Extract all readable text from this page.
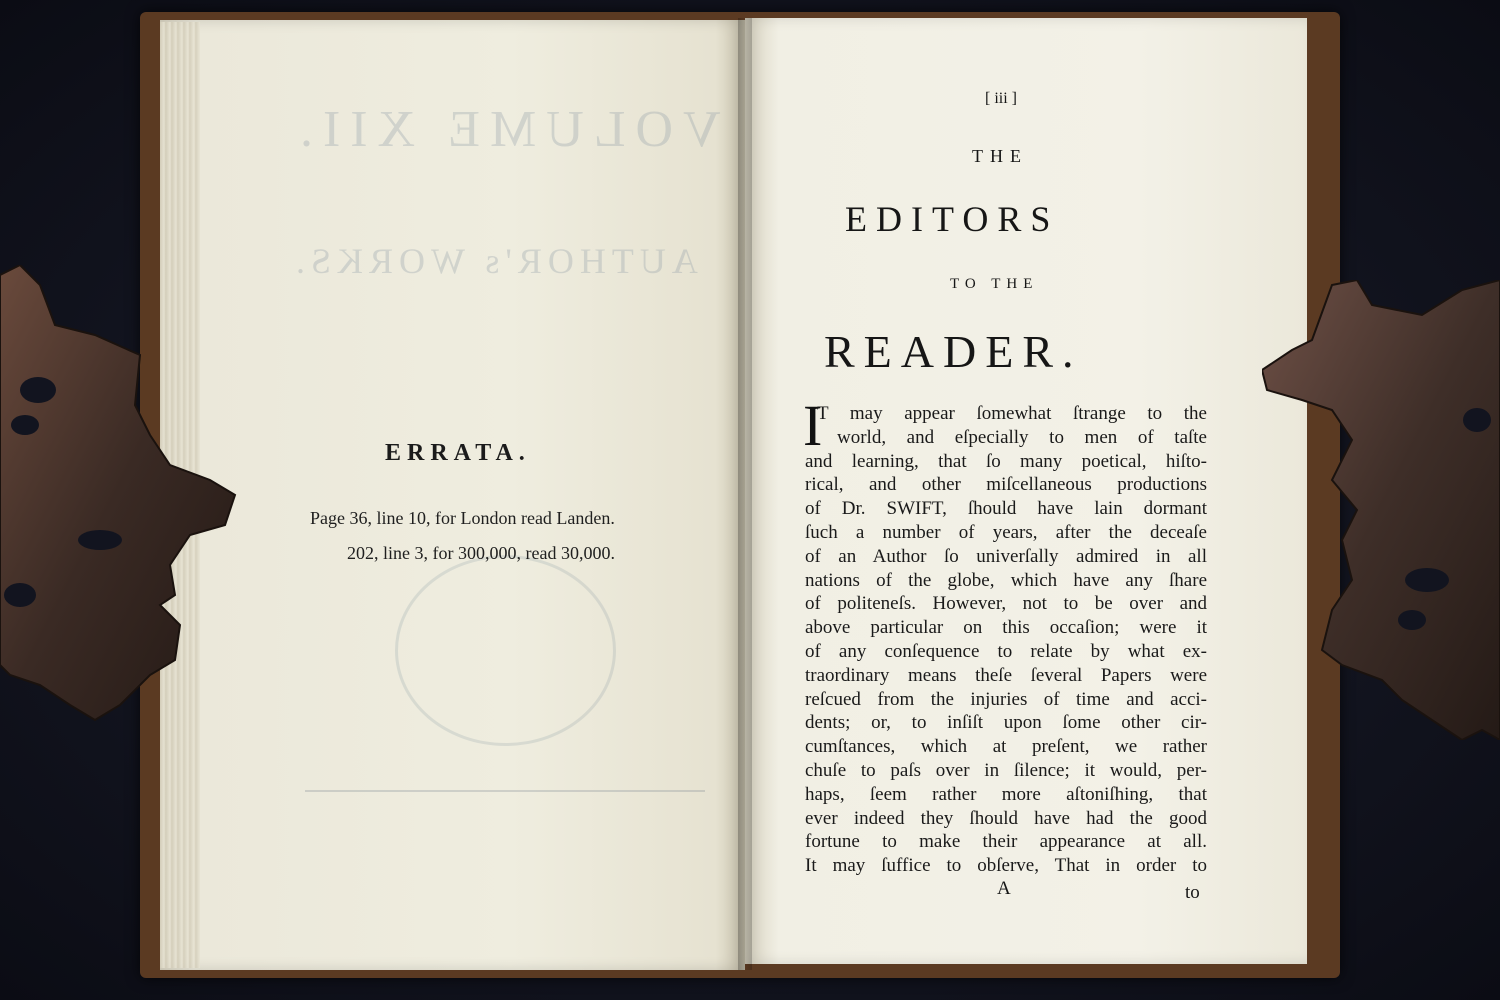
VOLUME XII.
AUTHOR's WORKS.

ERRATA.
Page 36, line 10, for London read Landen.
202, line 3, for 300,000, read 30,000.
[ iii ]
THE
EDITORS
TO THE
READER.
I
T may appear ſomewhat ſtrange to the
world, and eſpecially to men of taſte
and learning, that ſo many poetical, hiſto-
rical, and other miſcellaneous productions
of Dr. SWIFT, ſhould have lain dormant
ſuch a number of years, after the deceaſe
of an Author ſo univerſally admired in all
nations of the globe, which have any ſhare
of politeneſs. However, not to be over and
above particular on this occaſion; were it
of any conſequence to relate by what ex-
traordinary means theſe ſeveral Papers were
reſcued from the injuries of time and acci-
dents; or, to inſiſt upon ſome other cir-
cumſtances, which at preſent, we rather
chuſe to paſs over in ſilence; it would, per-
haps, ſeem rather more aſtoniſhing, that
ever indeed they ſhould have had the good
fortune to make their appearance at all.
It may ſuffice to obſerve, That in order to
A	to
